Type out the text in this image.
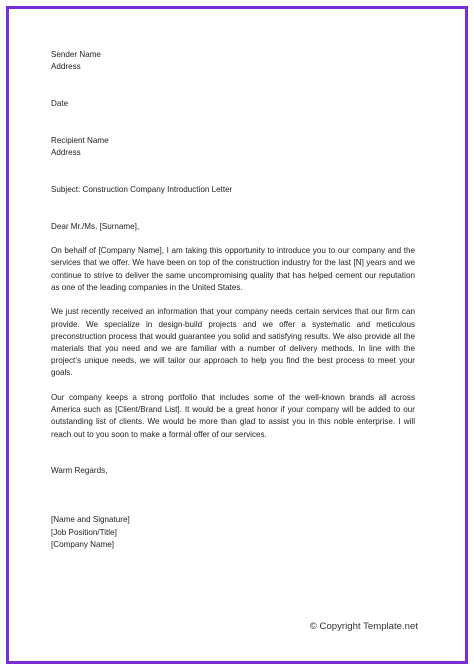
Sender Name
Address
Date
Recipient Name
Address
Subject: Construction Company Introduction Letter
Dear Mr./Ms. [Surname],

On behalf of [Company Name], I am taking this opportunity to introduce you to our company and the services that we offer. We have been on top of the construction industry for the last [N] years and we continue to strive to deliver the same uncompromising quality that has helped cement our reputation as one of the leading companies in the United States.

We just recently received an information that your company needs certain services that our firm can provide. We specialize in design-build projects and we offer a systematic and meticulous preconstruction process that would guarantee you solid and satisfying results. We also provide all the materials that you need and we are familiar with a number of delivery methods. In line with the project’s unique needs, we will tailor our approach to help you find the best process to meet your goals.

Our company keeps a strong portfolio that includes some of the well-known brands all across America such as [Client/Brand List]. It would be a great honor if your company will be added to our outstanding list of clients. We would be more than glad to assist you in this noble enterprise. I will reach out to you soon to make a formal offer of our services.

Warm Regards,
[Name and Signature]
[Job Position/Title]
[Company Name]
© Copyright Template.net
